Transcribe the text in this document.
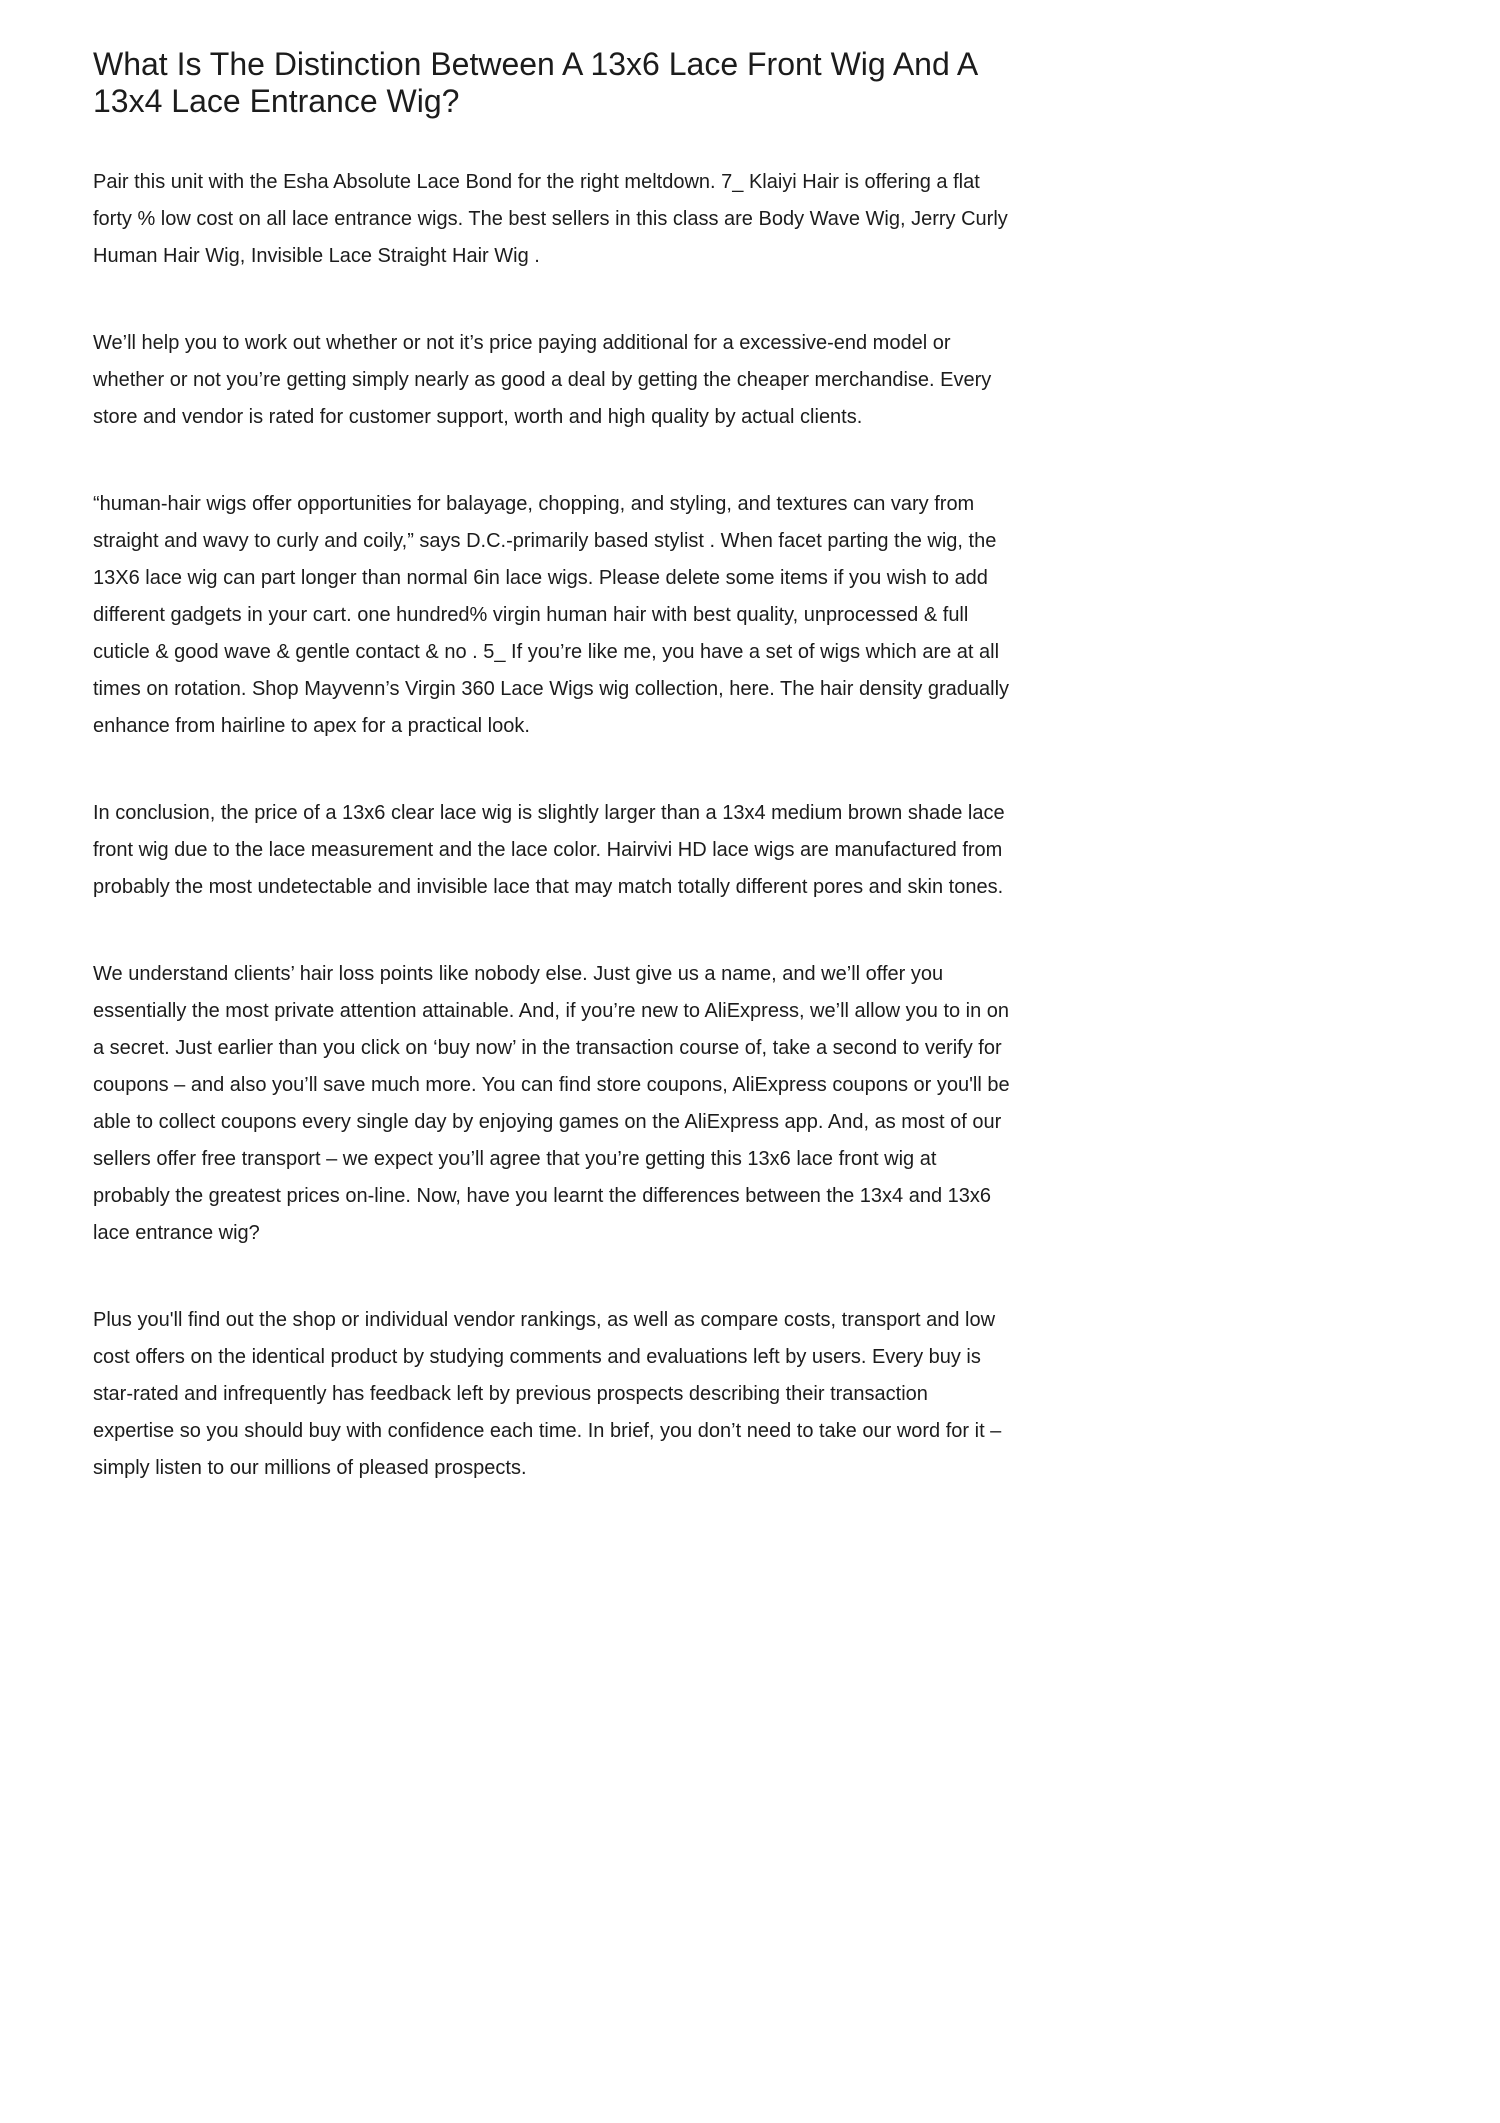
What Is The Distinction Between A 13x6 Lace Front Wig And A 13x4 Lace Entrance Wig?

Pair this unit with the Esha Absolute Lace Bond for the right meltdown. 7_ Klaiyi Hair is offering a flat forty % low cost on all lace entrance wigs. The best sellers in this class are Body Wave Wig, Jerry Curly Human Hair Wig, Invisible Lace Straight Hair Wig .

We’ll help you to work out whether or not it’s price paying additional for a excessive-end model or whether or not you’re getting simply nearly as good a deal by getting the cheaper merchandise. Every store and vendor is rated for customer support, worth and high quality by actual clients.

“human-hair wigs offer opportunities for balayage, chopping, and styling, and textures can vary from straight and wavy to curly and coily,” says D.C.-primarily based stylist . When facet parting the wig, the 13X6 lace wig can part longer than normal 6in lace wigs. Please delete some items if you wish to add different gadgets in your cart. one hundred% virgin human hair with best quality, unprocessed & full cuticle & good wave & gentle contact & no . 5_ If you’re like me, you have a set of wigs which are at all times on rotation. Shop Mayvenn’s Virgin 360 Lace Wigs wig collection, here. The hair density gradually enhance from hairline to apex for a practical look.

In conclusion, the price of a 13x6 clear lace wig is slightly larger than a 13x4 medium brown shade lace front wig due to the lace measurement and the lace color. Hairvivi HD lace wigs are manufactured from probably the most undetectable and invisible lace that may match totally different pores and skin tones.

We understand clients’ hair loss points like nobody else. Just give us a name, and we’ll offer you essentially the most private attention attainable. And, if you’re new to AliExpress, we’ll allow you to in on a secret. Just earlier than you click on ‘buy now’ in the transaction course of, take a second to verify for coupons – and also you’ll save much more. You can find store coupons, AliExpress coupons or you'll be able to collect coupons every single day by enjoying games on the AliExpress app. And, as most of our sellers offer free transport – we expect you’ll agree that you’re getting this 13x6 lace front wig at probably the greatest prices on-line. Now, have you learnt the differences between the 13x4 and 13x6 lace entrance wig?

Plus you'll find out the shop or individual vendor rankings, as well as compare costs, transport and low cost offers on the identical product by studying comments and evaluations left by users. Every buy is star-rated and infrequently has feedback left by previous prospects describing their transaction expertise so you should buy with confidence each time. In brief, you don’t need to take our word for it – simply listen to our millions of pleased prospects.
